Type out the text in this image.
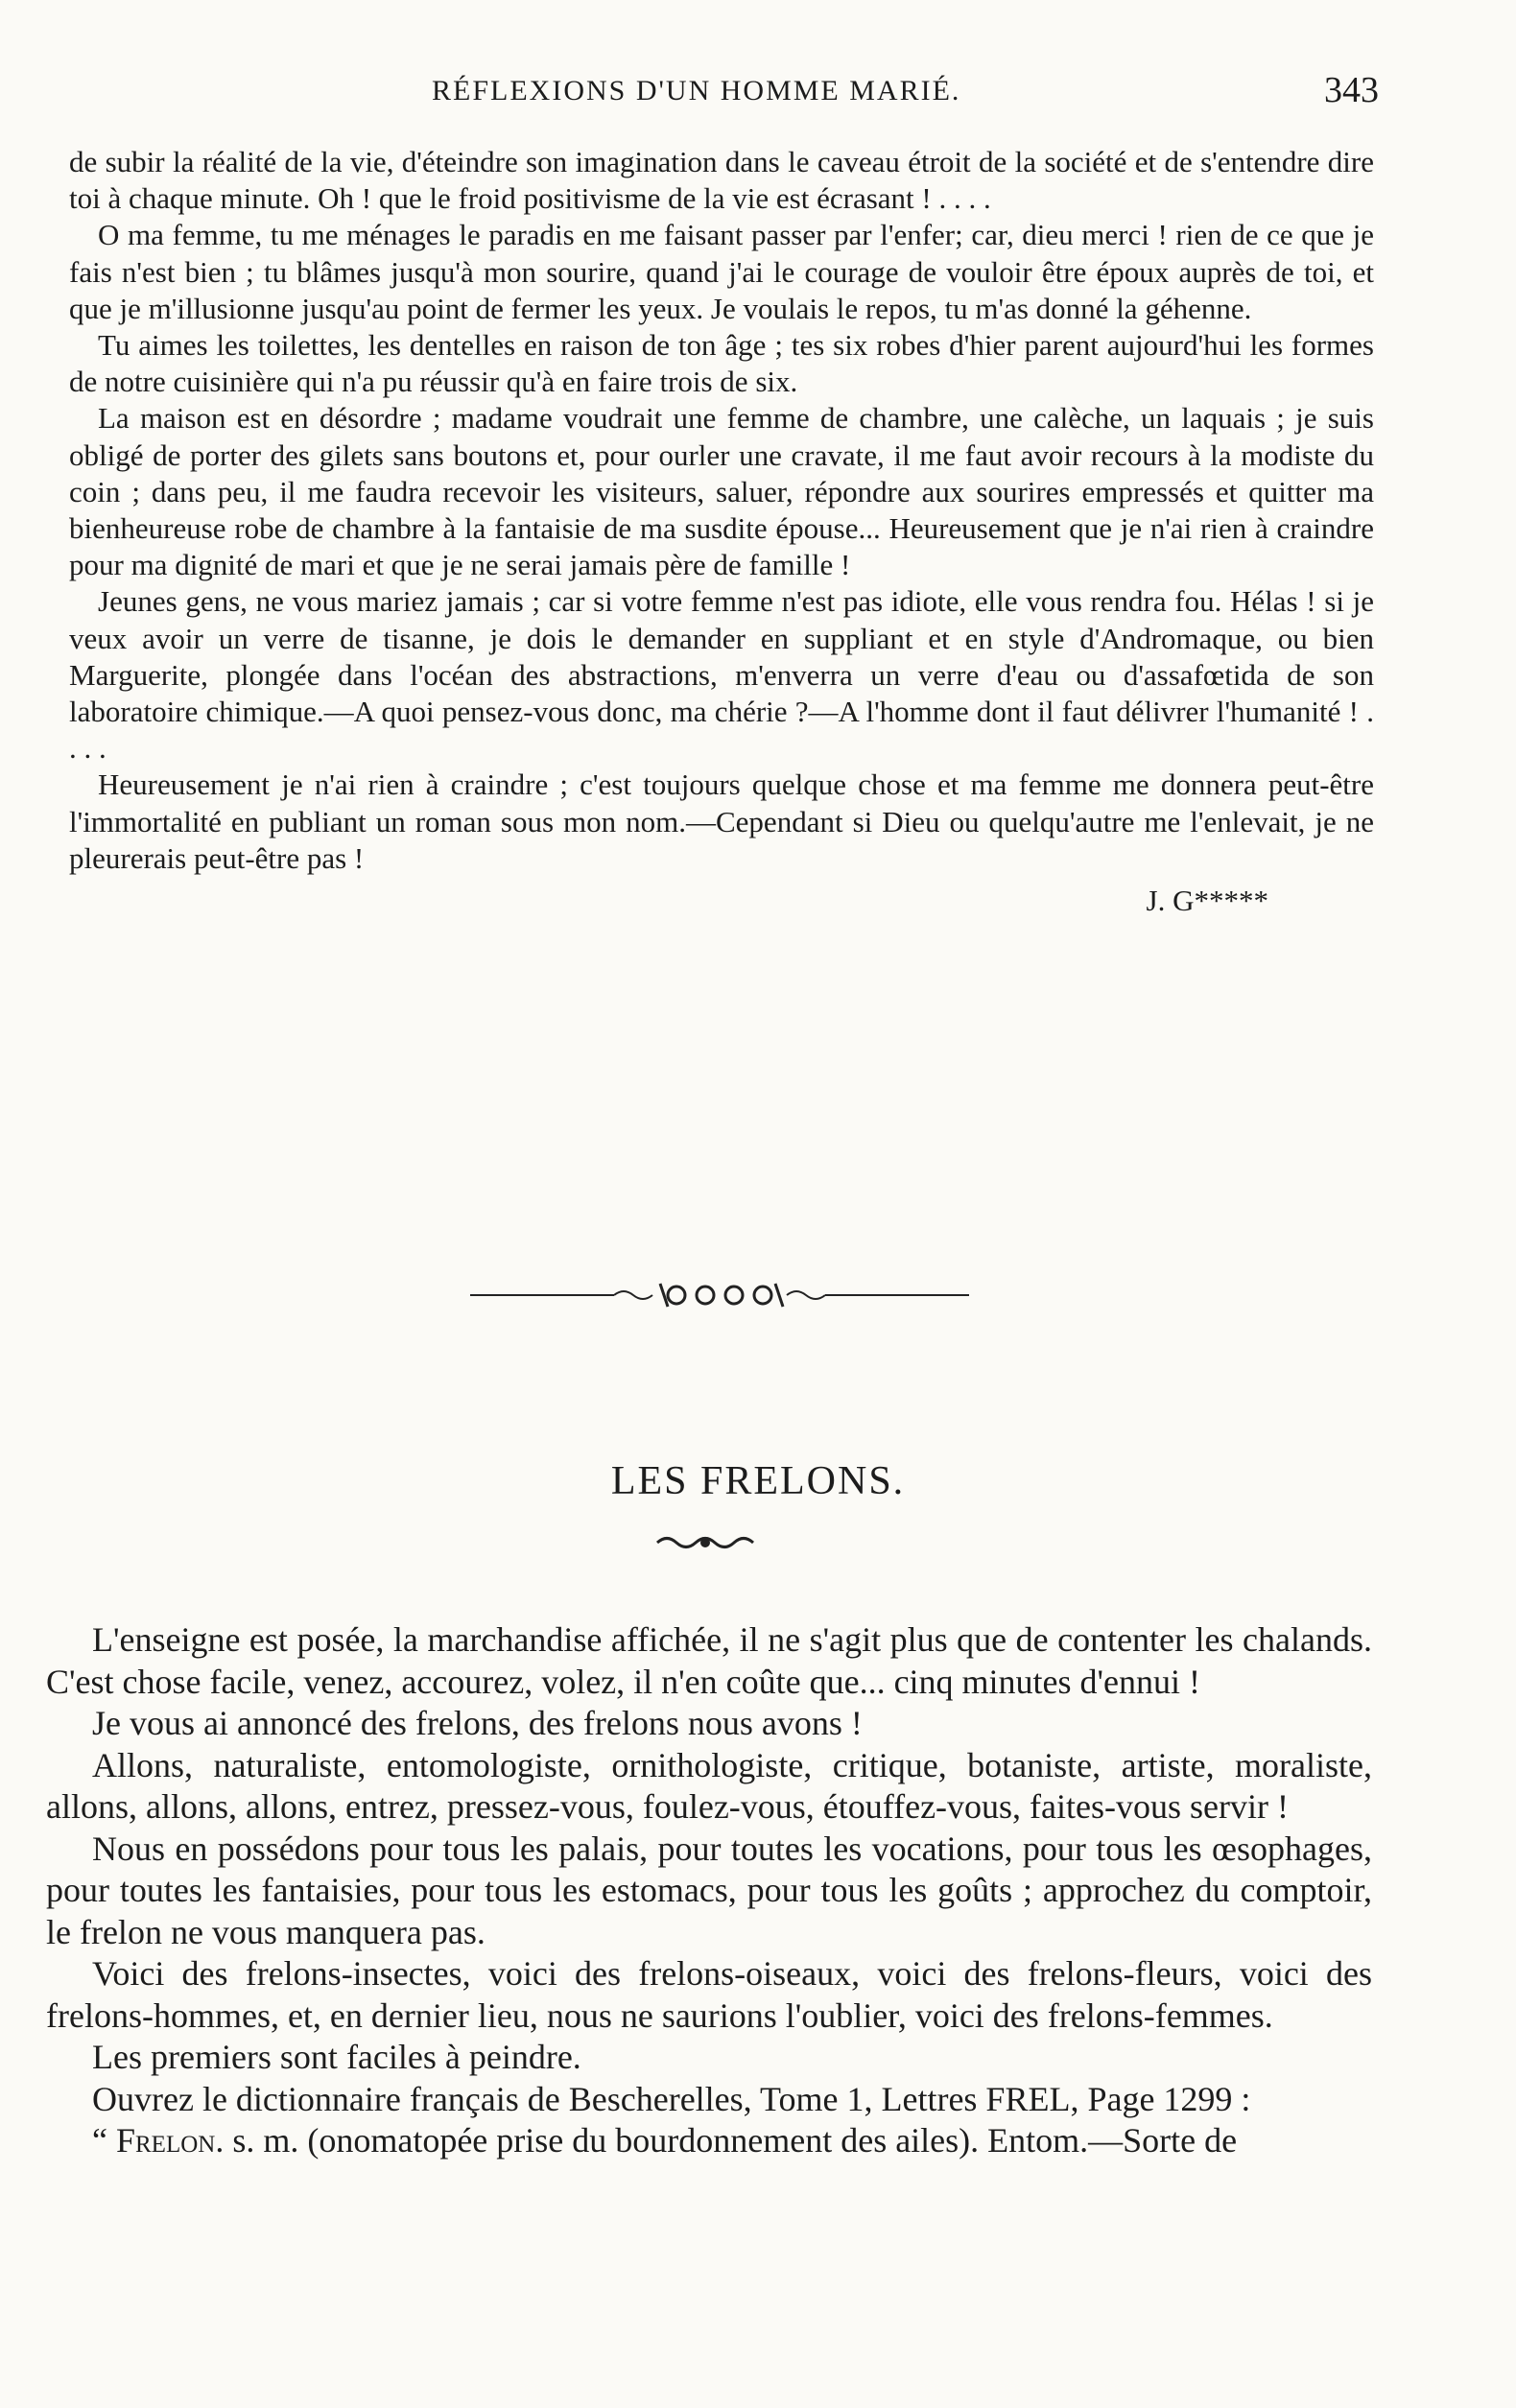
RÉFLEXIONS D'UN HOMME MARIÉ.	343

de subir la réalité de la vie, d'éteindre son imagination dans le caveau étroit de la société et de s'entendre dire toi à chaque minute. Oh ! que le froid positivisme de la vie est écrasant ! . . . .

O ma femme, tu me ménages le paradis en me faisant passer par l'enfer; car, dieu merci ! rien de ce que je fais n'est bien ; tu blâmes jusqu'à mon sourire, quand j'ai le courage de vouloir être époux auprès de toi, et que je m'illusionne jusqu'au point de fermer les yeux. Je voulais le repos, tu m'as donné la géhenne.

Tu aimes les toilettes, les dentelles en raison de ton âge ; tes six robes d'hier parent aujourd'hui les formes de notre cuisinière qui n'a pu réussir qu'à en faire trois de six.

La maison est en désordre ; madame voudrait une femme de chambre, une calèche, un laquais ; je suis obligé de porter des gilets sans boutons et, pour ourler une cravate, il me faut avoir recours à la modiste du coin ; dans peu, il me faudra recevoir les visiteurs, saluer, répondre aux sourires empressés et quitter ma bienheureuse robe de chambre à la fantaisie de ma susdite épouse... Heureusement que je n'ai rien à craindre pour ma dignité de mari et que je ne serai jamais père de famille !

Jeunes gens, ne vous mariez jamais ; car si votre femme n'est pas idiote, elle vous rendra fou. Hélas ! si je veux avoir un verre de tisanne, je dois le demander en suppliant et en style d'Andromaque, ou bien Marguerite, plongée dans l'océan des abstractions, m'enverra un verre d'eau ou d'assafœtida de son laboratoire chimique.—A quoi pensez-vous donc, ma chérie ?—A l'homme dont il faut délivrer l'humanité ! . . . .

Heureusement je n'ai rien à craindre ; c'est toujours quelque chose et ma femme me donnera peut-être l'immortalité en publiant un roman sous mon nom.—Cependant si Dieu ou quelqu'autre me l'enlevait, je ne pleurerais peut-être pas !

J. G*****

LES FRELONS.

L'enseigne est posée, la marchandise affichée, il ne s'agit plus que de contenter les chalands. C'est chose facile, venez, accourez, volez, il n'en coûte que... cinq minutes d'ennui !

Je vous ai annoncé des frelons, des frelons nous avons !

Allons, naturaliste, entomologiste, ornithologiste, critique, botaniste, artiste, moraliste, allons, allons, allons, entrez, pressez-vous, foulez-vous, étouffez-vous, faites-vous servir !

Nous en possédons pour tous les palais, pour toutes les vocations, pour tous les œsophages, pour toutes les fantaisies, pour tous les estomacs, pour tous les goûts ; approchez du comptoir, le frelon ne vous manquera pas.

Voici des frelons-insectes, voici des frelons-oiseaux, voici des frelons-fleurs, voici des frelons-hommes, et, en dernier lieu, nous ne saurions l'oublier, voici des frelons-femmes.

Les premiers sont faciles à peindre.

Ouvrez le dictionnaire français de Bescherelles, Tome 1, Lettres FREL, Page 1299 :

“ Frelon. s. m. (onomatopée prise du bourdonnement des ailes). Entom.—Sorte de
